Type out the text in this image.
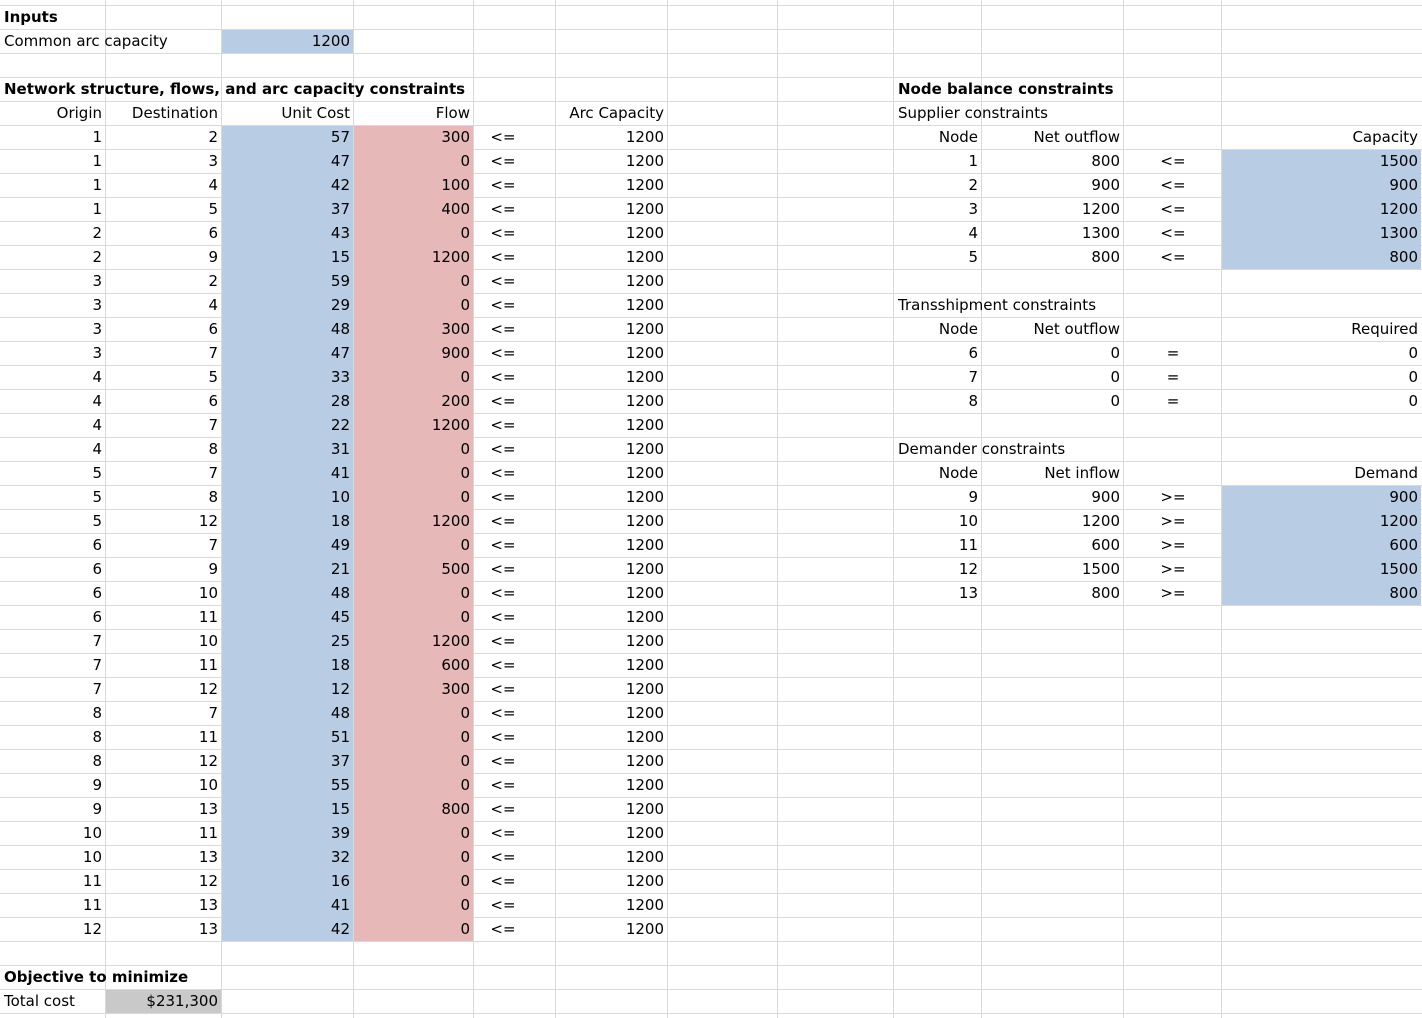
Inputs
Common arc capacity	1200
Network structure, flows, and arc capacity constraints
Origin	Destination	Unit Cost	Flow	Arc Capacity
1	2	57	300	<=	1200
1	3	47	0	<=	1200
1	4	42	100	<=	1200
1	5	37	400	<=	1200
2	6	43	0	<=	1200
2	9	15	1200	<=	1200
3	2	59	0	<=	1200
3	4	29	0	<=	1200
3	6	48	300	<=	1200
3	7	47	900	<=	1200
4	5	33	0	<=	1200
4	6	28	200	<=	1200
4	7	22	1200	<=	1200
4	8	31	0	<=	1200
5	7	41	0	<=	1200
5	8	10	0	<=	1200
5	12	18	1200	<=	1200
6	7	49	0	<=	1200
6	9	21	500	<=	1200
6	10	48	0	<=	1200
6	11	45	0	<=	1200
7	10	25	1200	<=	1200
7	11	18	600	<=	1200
7	12	12	300	<=	1200
8	7	48	0	<=	1200
8	11	51	0	<=	1200
8	12	37	0	<=	1200
9	10	55	0	<=	1200
9	13	15	800	<=	1200
10	11	39	0	<=	1200
10	13	32	0	<=	1200
11	12	16	0	<=	1200
11	13	41	0	<=	1200
12	13	42	0	<=	1200
Node balance constraints
Supplier constraints
Node	Net outflow	Capacity
1	800	<=	1500
2	900	<=	900
3	1200	<=	1200
4	1300	<=	1300
5	800	<=	800
Transshipment constraints
Node	Net outflow	Required
6	0	=	0
7	0	=	0
8	0	=	0
Demander constraints
Node	Net inflow	Demand
9	900	>=	900
10	1200	>=	1200
11	600	>=	600
12	1500	>=	1500
13	800	>=	800
Objective to minimize
Total cost	$231,300
